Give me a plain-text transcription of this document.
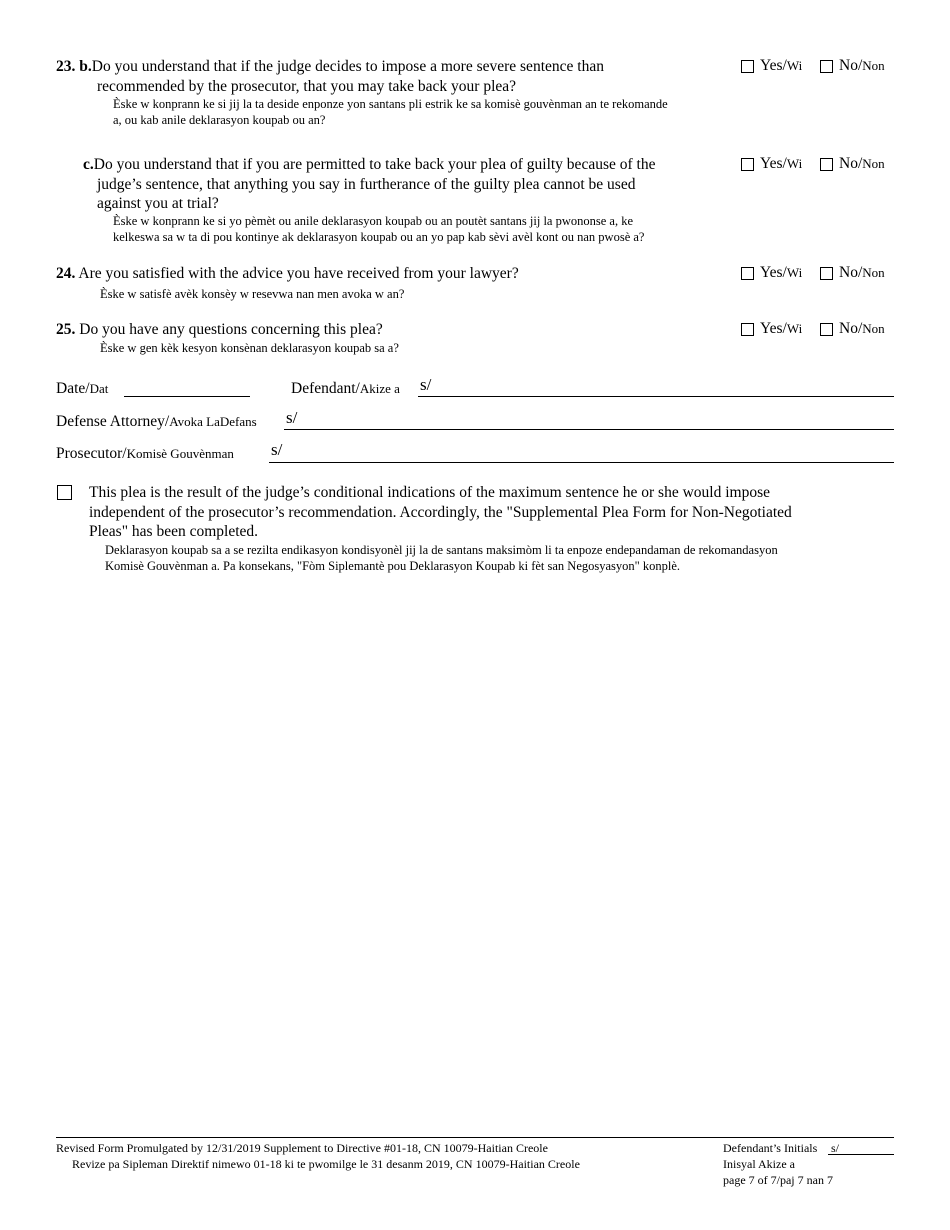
23. b.Do you understand that if the judge decides to impose a more severe sentence than
recommended by the prosecutor, that you may take back your plea?
Èske w konprann ke si jij la ta deside enponze yon santans pli estrik ke sa komisè gouvènman an te rekomande
a, ou kab anile deklarasyon koupab ou an?
Yes/ Wi No/ Non
c.Do you understand that if you are permitted to take back your plea of guilty because of the
judge’s sentence, that anything you say in furtherance of the guilty plea cannot be used
against you at trial?
Èske w konprann ke si yo pèmèt ou anile deklarasyon koupab ou an poutèt santans jij la pwononse a, ke
kelkeswa sa w ta di pou kontinye ak deklarasyon koupab ou an yo pap kab sèvi avèl kont ou nan pwosè a?
Yes/ Wi No/ Non
24. Are you satisfied with the advice you have received from your lawyer?
Èske w satisfè avèk konsèy w resevwa nan men avoka w an?
Yes/ Wi No/ Non
25. Do you have any questions concerning this plea?
Èske w gen kèk kesyon konsènan deklarasyon koupab sa a?
Yes/ Wi No/ Non
Date/Dat	Defendant/Akize a s/
Defense Attorney/Avoka LaDefans s/
Prosecutor/Komisè Gouvènman s/
This plea is the result of the judge’s conditional indications of the maximum sentence he or she would impose
independent of the prosecutor’s recommendation. Accordingly, the "Supplemental Plea Form for Non-Negotiated
Pleas" has been completed.
Deklarasyon koupab sa a se rezilta endikasyon kondisyonèl jij la de santans maksimòm li ta enpoze endepandaman de rekomandasyon
Komisè Gouvènman a. Pa konsekans, "Fòm Siplemantè pou Deklarasyon Koupab ki fèt san Negosyasyon" konplè.
Revised Form Promulgated by 12/31/2019 Supplement to Directive #01-18, CN 10079-Haitian Creole
Revize pa Sipleman Direktif nimewo 01-18 ki te pwomilge le 31 desanm 2019, CN 10079-Haitian Creole
Defendant’s Initials s/
Inisyal Akize a
page 7 of 7/paj 7 nan 7
